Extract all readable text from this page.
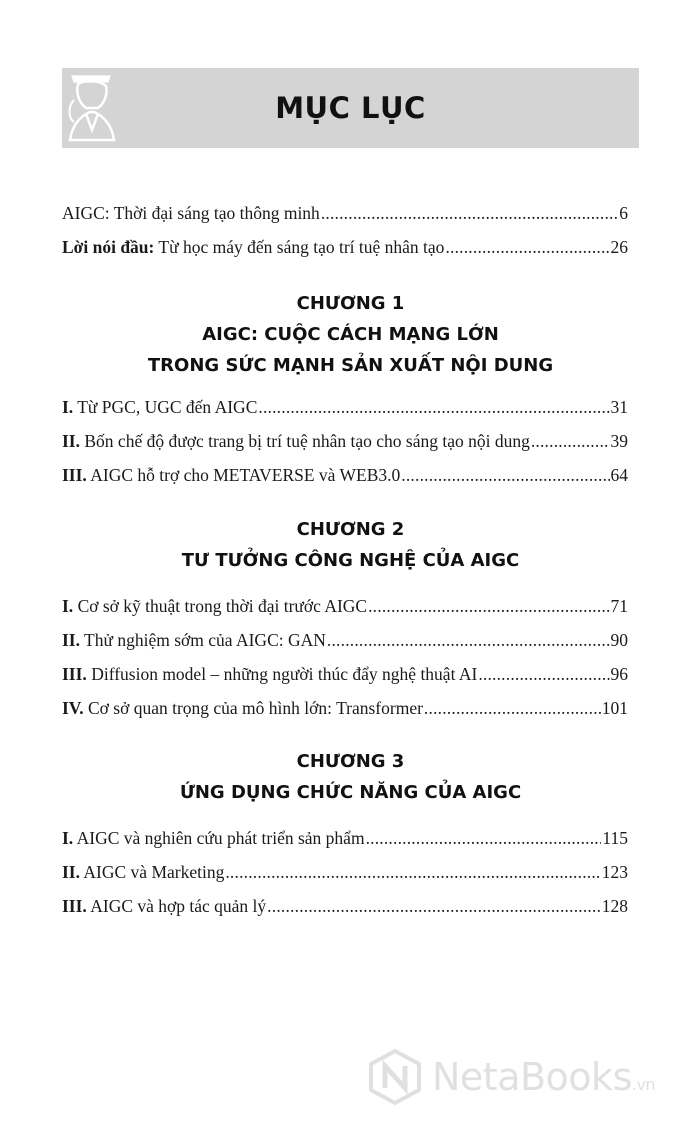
MỤC LỤC
AIGC: Thời đại sáng tạo thông minh .....	6
Lời nói đầu: Từ học máy đến sáng tạo trí tuệ nhân tạo .....	26
CHƯƠNG 1
AIGC: CUỘC CÁCH MẠNG LỚN
TRONG SỨC MẠNH SẢN XUẤT NỘI DUNG
I. Từ PGC, UGC đến AIGC .....	31
II. Bốn chế độ được trang bị trí tuệ nhân tạo cho sáng tạo nội dung .....	39
III. AIGC hỗ trợ cho METAVERSE và WEB3.0 .....	64
CHƯƠNG 2
TƯ TƯỞNG CÔNG NGHỆ CỦA AIGC
I. Cơ sở kỹ thuật trong thời đại trước AIGC .....	71
II. Thử nghiệm sớm của AIGC: GAN .....	90
III. Diffusion model – những người thúc đẩy nghệ thuật AI .....	96
IV. Cơ sở quan trọng của mô hình lớn: Transformer .....	101
CHƯƠNG 3
ỨNG DỤNG CHỨC NĂNG CỦA AIGC
I. AIGC và nghiên cứu phát triển sản phẩm .....	115
II. AIGC và Marketing .....	123
III. AIGC và hợp tác quản lý .....	128
NetaBooks.vn
